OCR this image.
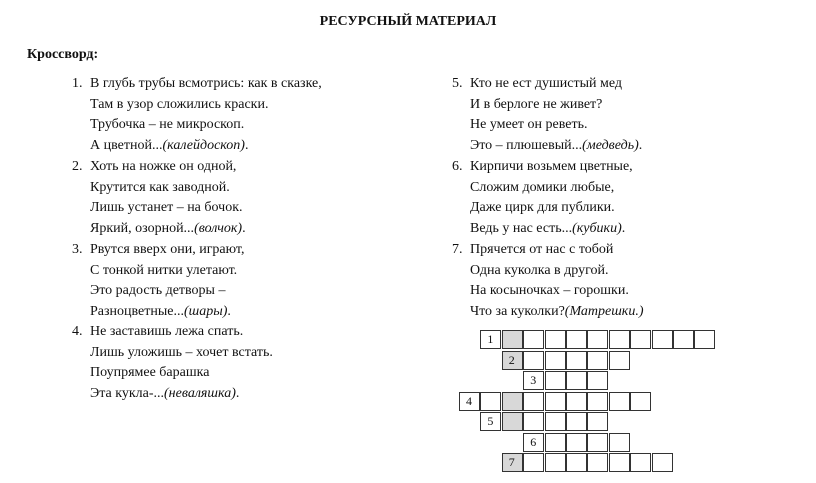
РЕСУРСНЫЙ МАТЕРИАЛ
Кроссворд:
1. В глубь трубы всмотрись: как в сказке,
Там в узор сложились краски.
Трубочка – не микроскоп.
А цветной... (калейдоскоп) .
2. Хоть на ножке он одной,
Крутится как заводной.
Лишь устанет – на бочок.
Яркий, озорной... (волчок) .
3. Рвутся вверх они, играют,
С тонкой нитки улетают.
Это радость детворы –
Разноцветные... (шары) .
4. Не заставишь лежа спать.
Лишь уложишь – хочет встать.
Поупрямее барашка
Эта кукла-... (неваляшка) .
5. Кто не ест душистый мед
И в берлоге не живет?
Не умеет он реветь.
Это – плюшевый... (медведь) .
6. Кирпичи возьмем цветные,
Сложим домики любые,
Даже цирк для публики.
Ведь у нас есть... (кубики) .
7. Прячется от нас с тобой
Одна куколка в другой.
На косыночках – горошки.
Что за куколки? (Матрешки.)
1
2
3
4
5
6
7
